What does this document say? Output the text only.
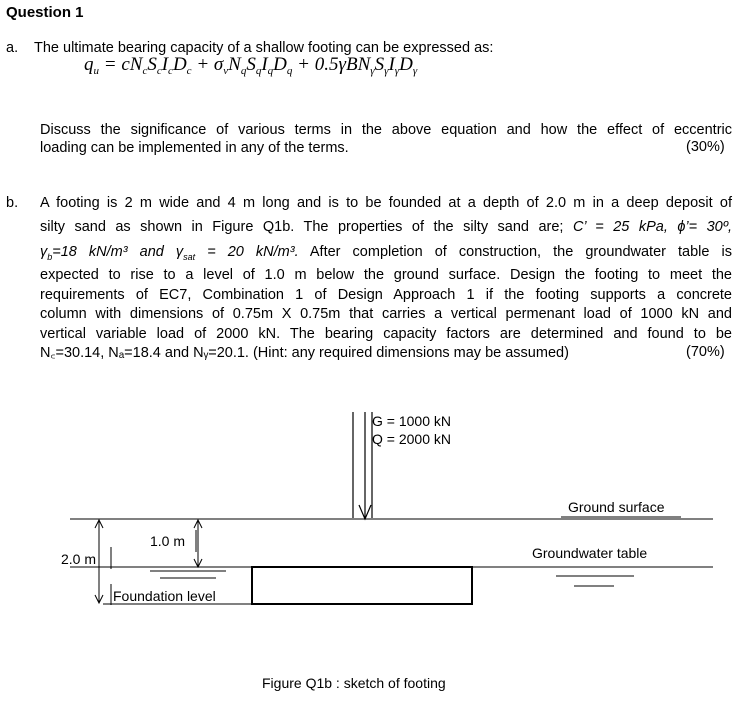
Question 1
a. The ultimate bearing capacity of a shallow footing can be expressed as:
$q_u = cN_cS_cI_cD_c + \sigma_vN_qS_qI_qD_q + 0.5\gamma BN_\gamma S_\gamma I_\gamma D_\gamma$
Discuss the significance of various terms in the above equation and how the effect of eccentric
loading can be implemented in any of the terms.	(30%)
b. A footing is 2 m wide and 4 m long and is to be founded at a depth of 2.0 m in a deep deposit of
silty sand as shown in Figure Q1b. The properties of the silty sand are; C’ = 25 kPa, ϕ’= 30º,
$\gamma_b=18$ kN/m³ and $\gamma_{sat} = 20$ kN/m³. After completion of construction, the groundwater table is
expected to rise to a level of 1.0 m below the ground surface. Design the footing to meet the
requirements of EC7, Combination 1 of Design Approach 1 if the footing supports a concrete
column with dimensions of 0.75m X 0.75m that carries a vertical permenant load of 1000 kN and
vertical variable load of 2000 kN. The bearing capacity factors are determined and found to be
N꜀=30.14, Nₐ=18.4 and Nᵧ=20.1. (Hint: any required dimensions may be assumed)	(70%)
G = 1000 kN
Q = 2000 kN
Ground surface
Groundwater table
2.0 m
1.0 m
Foundation level
Figure Q1b : sketch of footing
